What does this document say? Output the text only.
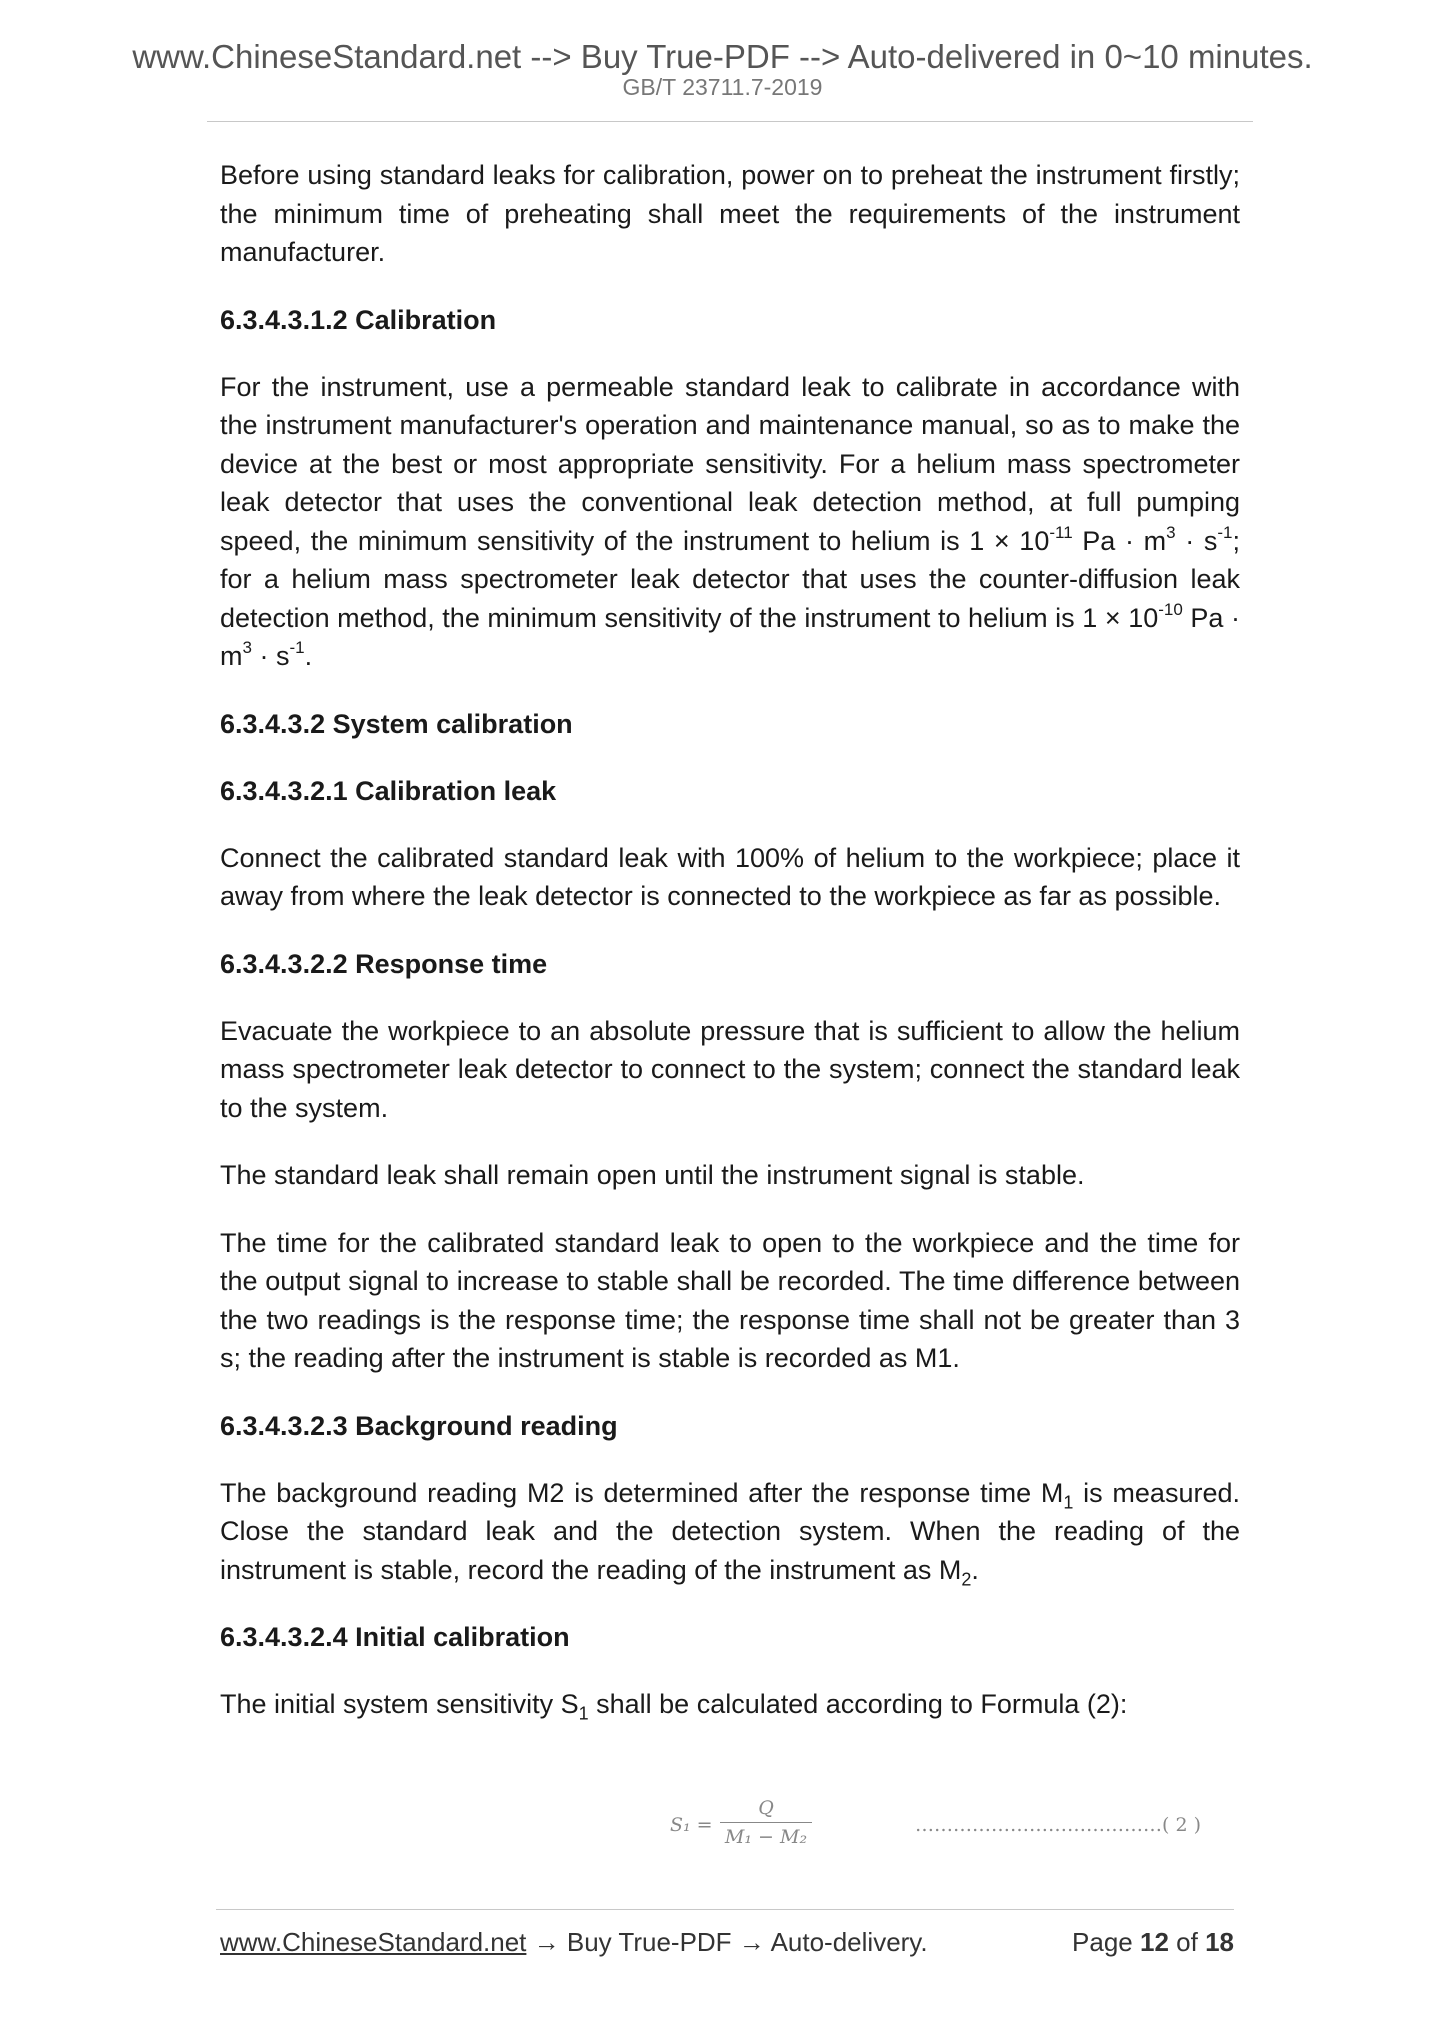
www.ChineseStandard.net --> Buy True-PDF --> Auto-delivered in 0~10 minutes.
GB/T 23711.7-2019

Before using standard leaks for calibration, power on to preheat the instrument firstly; the minimum time of preheating shall meet the requirements of the instrument manufacturer.

6.3.4.3.1.2 Calibration

For the instrument, use a permeable standard leak to calibrate in accordance with the instrument manufacturer's operation and maintenance manual, so as to make the device at the best or most appropriate sensitivity. For a helium mass spectrometer leak detector that uses the conventional leak detection method, at full pumping speed, the minimum sensitivity of the instrument to helium is $1 \times 10^{-11}$ $Pa \cdot m^3 \cdot s^{-1}$; for a helium mass spectrometer leak detector that uses the counter-diffusion leak detection method, the minimum sensitivity of the instrument to helium is $1 \times 10^{-10}$ $Pa \cdot m^3 \cdot s^{-1}$.

6.3.4.3.2 System calibration
6.3.4.3.2.1 Calibration leak

Connect the calibrated standard leak with 100% of helium to the workpiece; place it away from where the leak detector is connected to the workpiece as far as possible.

6.3.4.3.2.2 Response time

Evacuate the workpiece to an absolute pressure that is sufficient to allow the helium mass spectrometer leak detector to connect to the system; connect the standard leak to the system.

The standard leak shall remain open until the instrument signal is stable.

The time for the calibrated standard leak to open to the workpiece and the time for the output signal to increase to stable shall be recorded. The time difference between the two readings is the response time; the response time shall not be greater than 3 s; the reading after the instrument is stable is recorded as M1.

6.3.4.3.2.3 Background reading

The background reading M2 is determined after the response time $M_1$ is measured. Close the standard leak and the detection system. When the reading of the instrument is stable, record the reading of the instrument as $M_2$.

6.3.4.3.2.4 Initial calibration

The initial system sensitivity $S_1$ shall be calculated according to Formula (2):

S₁ =
Q
M₁ − M₂
…………………………………( 2 )
www.ChineseStandard.net → Buy True-PDF → Auto-delivery.	Page 12 of 18
